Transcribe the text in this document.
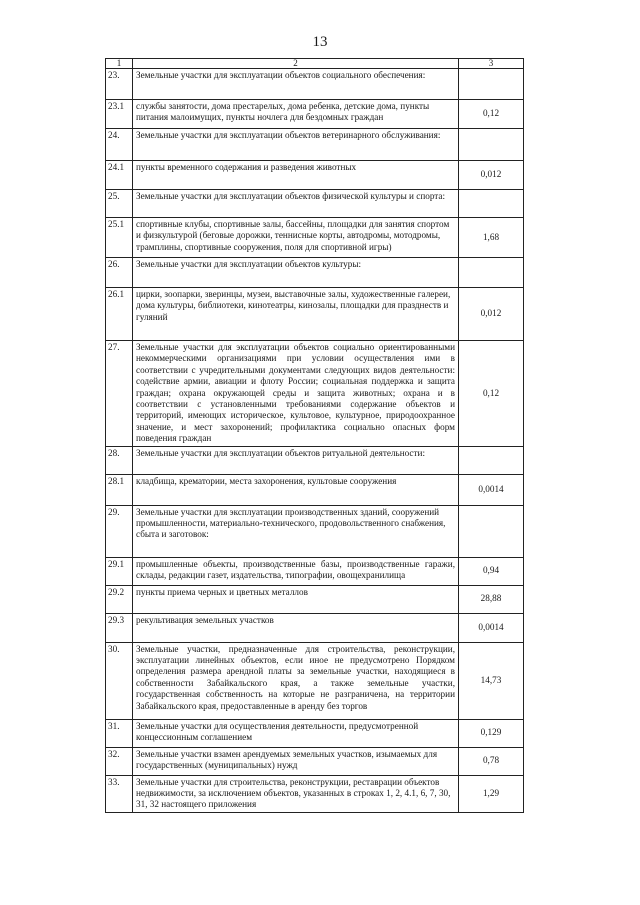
13
1	2	3
23.	Земельные участки для эксплуатации объектов социального обеспечения:	
23.1	службы занятости, дома престарелых, дома ребенка, детские дома, пункты питания малоимущих, пункты ночлега для бездомных граждан	0,12
24.	Земельные участки для эксплуатации объектов ветеринарного обслуживания:	
24.1	пункты временного содержания и разведения животных	0,012
25.	Земельные участки для эксплуатации объектов физической культуры и спорта:	
25.1	спортивные клубы, спортивные залы, бассейны, площадки для занятия спортом и физкультурой (беговые дорожки, теннисные корты, автодромы, мотодромы, трамплины, спортивные сооружения, поля для спортивной игры)	1,68
26.	Земельные участки для эксплуатации объектов культуры:	
26.1	цирки, зоопарки, зверинцы, музеи, выставочные залы, художественные галереи, дома культуры, библиотеки, кинотеатры, кинозалы, площадки для празднеств и гуляний	0,012
27.	Земельные участки для эксплуатации объектов социально ориентированными некоммерческими организациями при условии осуществления ими в соответствии с учредительными документами следующих видов деятельности: содействие армии, авиации и флоту России; социальная поддержка и защита граждан; охрана окружающей среды и защита животных; охрана и в соответствии с установленными требованиями содержание объектов и территорий, имеющих историческое, культовое, культурное, природоохранное значение, и мест захоронений; профилактика социально опасных форм поведения граждан	0,12
28.	Земельные участки для эксплуатации объектов ритуальной деятельности:	
28.1	кладбища, крематории, места захоронения, культовые сооружения	0,0014
29.	Земельные участки для эксплуатации производственных зданий, сооружений промышленности, материально-технического, продовольственного снабжения, сбыта и заготовок:	
29.1	промышленные объекты, производственные базы, производственные гаражи, склады, редакции газет, издательства, типографии, овощехранилища	0,94
29.2	пункты приема черных и цветных металлов	28,88
29.3	рекультивация земельных участков	0,0014
30.	Земельные участки, предназначенные для строительства, реконструкции, эксплуатации линейных объектов, если иное не предусмотрено Порядком определения размера арендной платы за земельные участки, находящиеся в собственности Забайкальского края, а также земельные участки, государственная собственность на которые не разграничена, на территории Забайкальского края, предоставленные в аренду без торгов	14,73
31.	Земельные участки для осуществления деятельности, предусмотренной концессионным соглашением	0,129
32.	Земельные участки взамен арендуемых земельных участков, изымаемых для государственных (муниципальных) нужд	0,78
33.	Земельные участки для строительства, реконструкции, реставрации объектов недвижимости, за исключением объектов, указанных в строках 1, 2, 4.1, 6, 7, 30, 31, 32 настоящего приложения	1,29
